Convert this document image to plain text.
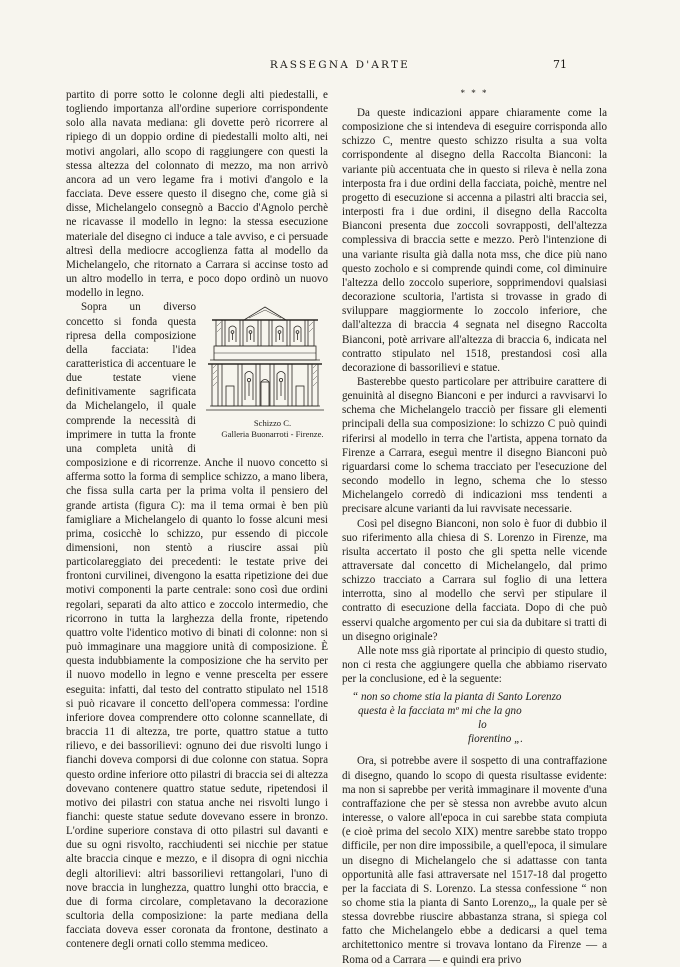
RASSEGNA D'ARTE	71

partito di porre sotto le colonne degli alti piedestalli, e togliendo importanza all'ordine superiore corrispondente solo alla navata mediana: gli dovette però ricorrere al ripiego di un doppio ordine di piedestalli molto alti, nei motivi angolari, allo scopo di raggiungere con questi la stessa altezza del colonnato di mezzo, ma non arrivò ancora ad un vero legame fra i motivi d'angolo e la facciata. Deve essere questo il disegno che, come già si disse, Michelangelo consegnò a Baccio d'Agnolo perchè ne ricavasse il modello in legno: la stessa esecuzione materiale del disegno ci induce a tale avviso, e ci persuade altresì della mediocre accoglienza fatta al modello da Michelangelo, che ritornato a Carrara si accinse tosto ad un altro modello in terra, e poco dopo ordinò un nuovo modello in legno.

Schizzo C.
Galleria Buonarroti - Firenze.
Sopra un diverso concetto si fonda questa ripresa della composizione della facciata: l'idea caratteristica di accentuare le due testate viene definitivamente sagrificata da Michelangelo, il quale comprende la necessità di imprimere in tutta la fronte una completa unità di composizione e di ricorrenze. Anche il nuovo concetto si afferma sotto la forma di semplice schizzo, a mano libera, che fissa sulla carta per la prima volta il pensiero del grande artista (figura C): ma il tema ormai è ben più famigliare a Michelangelo di quanto lo fosse alcuni mesi prima, cosicchè lo schizzo, pur essendo di piccole dimensioni, non stentò a riuscire assai più particolareggiato dei precedenti: le testate prive dei frontoni curvilinei, divengono la esatta ripetizione dei due motivi componenti la parte centrale: sono così due ordini regolari, separati da alto attico e zoccolo intermedio, che ricorrono in tutta la larghezza della fronte, ripetendo quattro volte l'identico motivo di binati di colonne: non si può immaginare una maggiore unità di composizione. È questa indubbiamente la composizione che ha servito per il nuovo modello in legno e venne prescelta per essere eseguita: infatti, dal testo del contratto stipulato nel 1518 si può ricavare il concetto dell'opera commessa: l'ordine inferiore dovea comprendere otto colonne scannellate, di braccia 11 di altezza, tre porte, quattro statue a tutto rilievo, e dei bassorilievi: ognuno dei due risvolti lungo i fianchi doveva comporsi di due colonne con statua. Sopra questo ordine inferiore otto pilastri di braccia sei di altezza dovevano contenere quattro statue sedute, ripetendosi il motivo dei pilastri con statua anche nei risvolti lungo i fianchi: queste statue sedute dovevano essere in bronzo. L'ordine superiore constava di otto pilastri sul davanti e due su ogni risvolto, racchiudenti sei nicchie per statue alte braccia cinque e mezzo, e il disopra di ogni nicchia degli altorilievi: altri bassorilievi rettangolari, l'uno di nove braccia in lunghezza, quattro lunghi otto braccia, e due di forma circolare, completavano la decorazione scultoria della composizione: la parte mediana della facciata doveva esser coronata da frontone, destinato a contenere degli ornati collo stemma mediceo.

* * *

Da queste indicazioni appare chiaramente come la composizione che si intendeva di eseguire corrisponda allo schizzo C, mentre questo schizzo risulta a sua volta corrispondente al disegno della Raccolta Bianconi: la variante più accentuata che in questo si rileva è nella zona interposta fra i due ordini della facciata, poichè, mentre nel progetto di esecuzione si accenna a pilastri alti braccia sei, interposti fra i due ordini, il disegno della Raccolta Bianconi presenta due zoccoli sovrapposti, dell'altezza complessiva di braccia sette e mezzo. Però l'intenzione di una variante risulta già dalla nota mss, che dice più nano questo zocholo e si comprende quindi come, col diminuire l'altezza dello zoccolo superiore, sopprimendovi qualsiasi decorazione scultoria, l'artista si trovasse in grado di sviluppare maggiormente lo zoccolo inferiore, che dall'altezza di braccia 4 segnata nel disegno Raccolta Bianconi, potè arrivare all'altezza di braccia 6, indicata nel contratto stipulato nel 1518, prestandosi così alla decorazione di bassorilievi e statue.

Basterebbe questo particolare per attribuire carattere di genuinità al disegno Bianconi e per indurci a ravvisarvi lo schema che Michelangelo tracciò per fissare gli elementi principali della sua composizione: lo schizzo C può quindi riferirsi al modello in terra che l'artista, appena tornato da Firenze a Carrara, eseguì mentre il disegno Bianconi può riguardarsi come lo schema tracciato per l'esecuzione del secondo modello in legno, schema che lo stesso Michelangelo corredò di indicazioni mss tendenti a precisare alcune varianti da lui ravvisate necessarie.

Così pel disegno Bianconi, non solo è fuor di dubbio il suo riferimento alla chiesa di S. Lorenzo in Firenze, ma risulta accertato il posto che gli spetta nelle vicende attraversate dal concetto di Michelangelo, dal primo schizzo tracciato a Carrara sul foglio di una lettera interrotta, sino al modello che servì per stipulare il contratto di esecuzione della facciata. Dopo di che può esservi qualche argomento per cui sia da dubitare si tratti di un disegno originale?

Alle note mss già riportate al principio di questo studio, non ci resta che aggiungere quella che abbiamo riservato per la conclusione, ed è la seguente:

“ non so chome stia la pianta di Santo Lorenzo
questa è la facciata mº mi che la gno
lo
fiorentino „.

Ora, si potrebbe avere il sospetto di una contraffazione di disegno, quando lo scopo di questa risultasse evidente: ma non si saprebbe per verità immaginare il movente d'una contraffazione che per sè stessa non avrebbe avuto alcun interesse, o valore all'epoca in cui sarebbe stata compiuta (e cioè prima del secolo XIX) mentre sarebbe stato troppo difficile, per non dire impossibile, a quell'epoca, il simulare un disegno di Michelangelo che si adattasse con tanta opportunità alle fasi attraversate nel 1517-18 dal progetto per la facciata di S. Lorenzo. La stessa confessione “ non so chome stia la pianta di Santo Lorenzo„, la quale per sè stessa dovrebbe riuscire abbastanza strana, si spiega col fatto che Michelangelo ebbe a dedicarsi a quel tema architettonico mentre si trovava lontano da Firenze — a Roma od a Carrara — e quindi era privo
